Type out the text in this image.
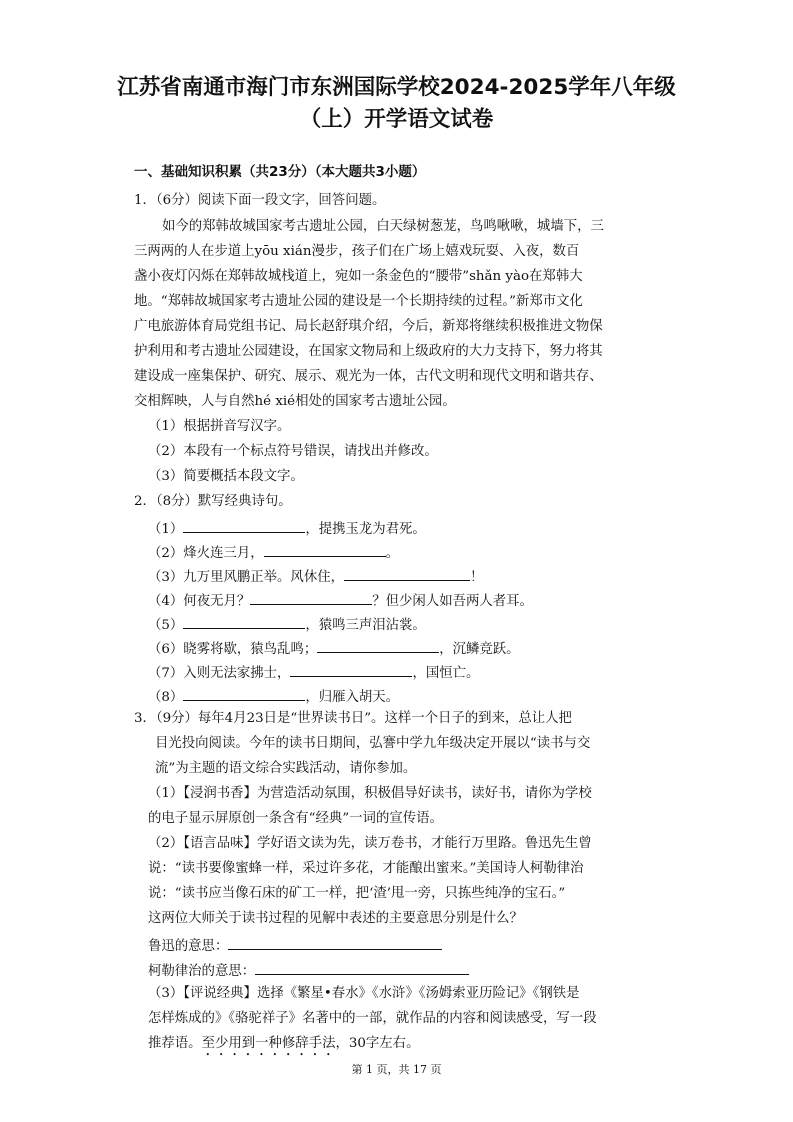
江苏省南通市海门市东洲国际学校2024-2025学年八年级
（上）开学语文试卷
一、基础知识积累（共23分）（本大题共3小题）
1．（6分）阅读下面一段文字，回答问题。
如今的郑韩故城国家考古遗址公园，白天绿树葱茏，鸟鸣啾啾，城墙下，三
三两两的人在步道上yōu xián漫步，孩子们在广场上嬉戏玩耍、入夜，数百
盏小夜灯闪烁在郑韩故城栈道上，宛如一条金色的“腰带”shǎn yào在郑韩大
地。“郑韩故城国家考古遗址公园的建设是一个长期持续的过程。”新郑市文化
广电旅游体育局党组书记、局长赵舒琪介绍，今后，新郑将继续积极推进文物保
护利用和考古遗址公园建设，在国家文物局和上级政府的大力支持下，努力将其
建设成一座集保护、研究、展示、观光为一体，古代文明和现代文明和谐共存、
交相辉映，人与自然hé xié相处的国家考古遗址公园。
（1）根据拼音写汉字。
（2）本段有一个标点符号错误，请找出并修改。
（3）简要概括本段文字。
2．（8分）默写经典诗句。
（1）	，提携玉龙为君死。
（2）烽火连三月，	。
（3）九万里风鹏正举。风休住，	！
（4）何夜无月？	？但少闲人如吾两人者耳。
（5）	，猿鸣三声泪沾裳。
（6）晓雾将歇，猿鸟乱鸣；	，沉鳞竞跃。
（7）入则无法家拂士，	，国恒亡。
（8）	，归雁入胡天。
3．（9分）每年4月23日是“世界读书日”。这样一个日子的到来，总让人把
目光投向阅读。今年的读书日期间，弘謇中学九年级决定开展以“读书与交
流”为主题的语文综合实践活动，请你参加。
（1）【浸润书香】为营造活动氛围，积极倡导好读书，读好书，请你为学校
的电子显示屏原创一条含有“经典”一词的宣传语。
（2）【语言品味】学好语文读为先，读万卷书，才能行万里路。鲁迅先生曾
说：“读书要像蜜蜂一样，采过许多花，才能酿出蜜来。”美国诗人柯勒律治
说：“读书应当像石床的矿工一样，把‘渣’甩一旁，只拣些纯净的宝石。”
这两位大师关于读书过程的见解中表述的主要意思分别是什么？
鲁迅的意思：
柯勒律治的意思：
（3）【评说经典】选择《繁星•春水》《水浒》《汤姆索亚历险记》《钢铁是
怎样炼成的》《骆驼祥子》名著中的一部，就作品的内容和阅读感受，写一段
推荐语。至少用到一种修辞手法，30字左右。
第 1 页，共 17 页
